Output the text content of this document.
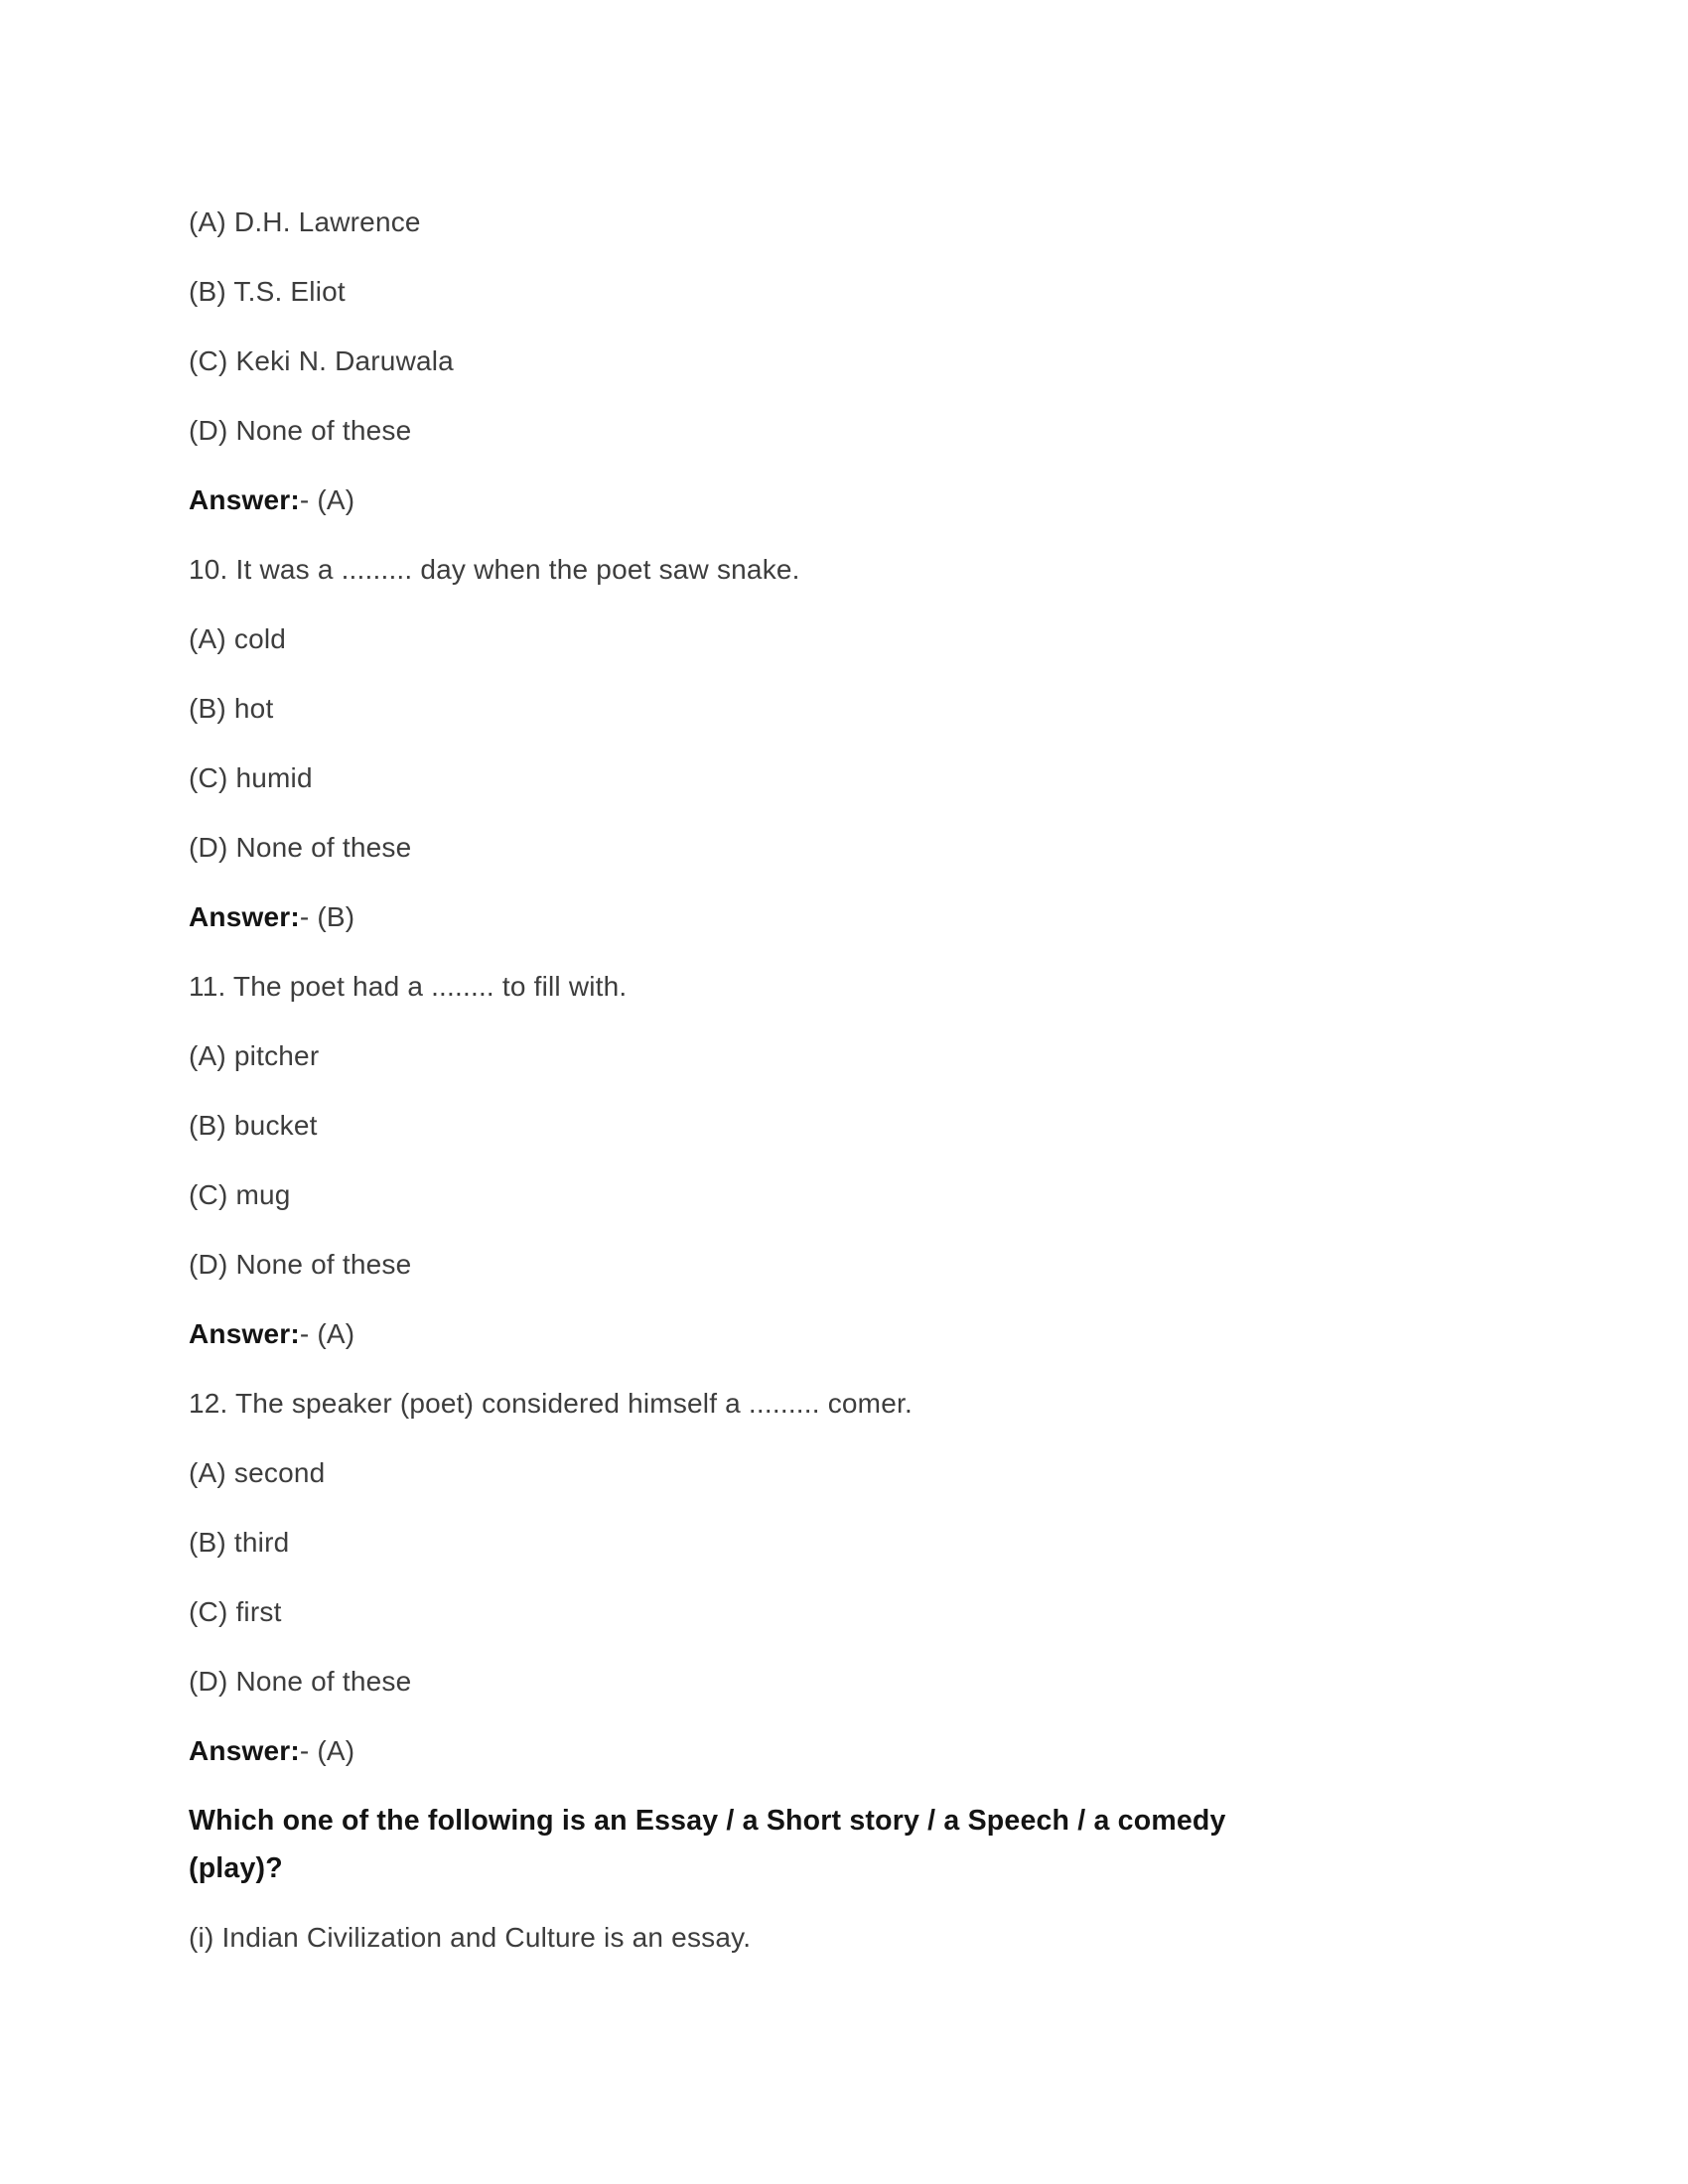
(A) D.H. Lawrence
(B) T.S. Eliot
(C) Keki N. Daruwala
(D) None of these
Answer:- (A)
10. It was a ......... day when the poet saw snake.
(A) cold
(B) hot
(C) humid
(D) None of these
Answer:- (B)
11. The poet had a ........ to fill with.
(A) pitcher
(B) bucket
(C) mug
(D) None of these
Answer:- (A)
12. The speaker (poet) considered himself a ......... comer.
(A) second
(B) third
(C) first
(D) None of these
Answer:- (A)
Which one of the following is an Essay / a Short story / a Speech / a comedy
(play)?
(i) Indian Civilization and Culture is an essay.
